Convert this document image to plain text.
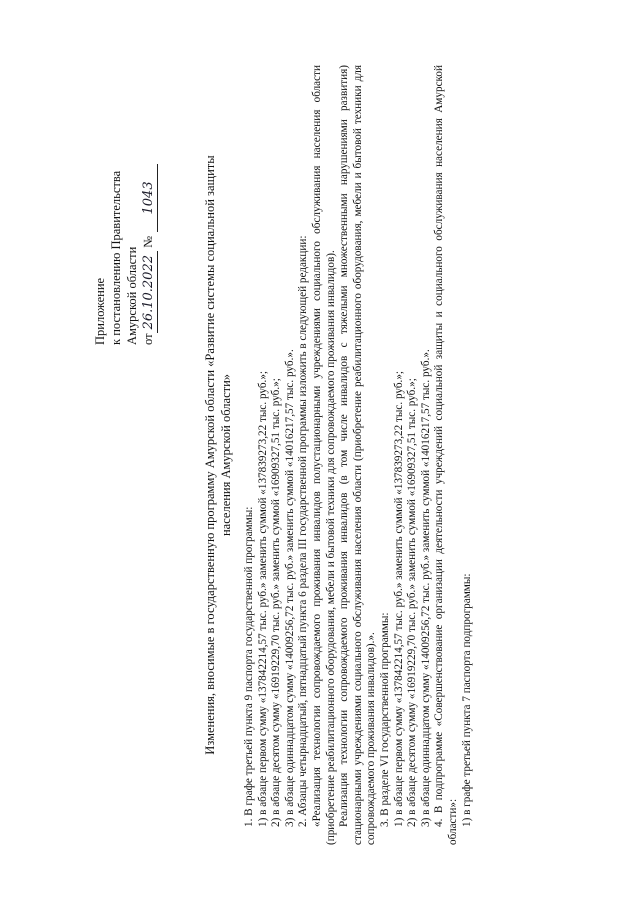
Приложение к постановлению Правительства Амурской области от26.10.2022 №1043	Изменения, вносимые в государственную программу Амурской области «Развитие системы социальной защиты населения Амурской области»

1. В графе третьей пункта 9 паспорта государственной программы: 1) в абзаце первом сумму «137842214,57 тыс. руб.» заменить суммой «137839273,22 тыс. руб.»; 2) в абзаце десятом сумму «16919229,70 тыс. руб.» заменить суммой «16909327,51 тыс. руб.»; 3) в абзаце одиннадцатом сумму «14009256,72 тыс. руб.» заменить суммой «14016217,57 тыс. руб.». 2. Абзацы четырнадцатый, пятнадцатый пункта 6 раздела III государственной программы изложить в следующей редакции: «Реализация технологии сопровождаемого проживания инвалидов полустационарными учреждениями социального обслуживания населения области (приобретение реабилитационного оборудования, мебели и бытовой техники для сопровождаемого проживания инвалидов). Реализация технологии сопровождаемого проживания инвалидов (в том числе инвалидов с тяжелыми множественными нарушениями развития) стационарными учреждениями социального обслуживания населения области (приобретение реабилитационного оборудования, мебели и бытовой техники для сопровождаемого проживания инвалидов).». 3. В разделе VI государственной программы: 1) в абзаце первом сумму «137842214,57 тыс. руб.» заменить суммой «137839273,22 тыс. руб.»; 2) в абзаце десятом сумму «16919229,70 тыс. руб.» заменить суммой «16909327,51 тыс. руб.»; 3) в абзаце одиннадцатом сумму «14009256,72 тыс. руб.» заменить суммой «14016217,57 тыс. руб.». 4. В подпрограмме «Совершенствование организации деятельности учреждений социальной защиты и социального обслуживания населения Амурской области»: 1) в графе третьей пункта 7 паспорта подпрограммы:
